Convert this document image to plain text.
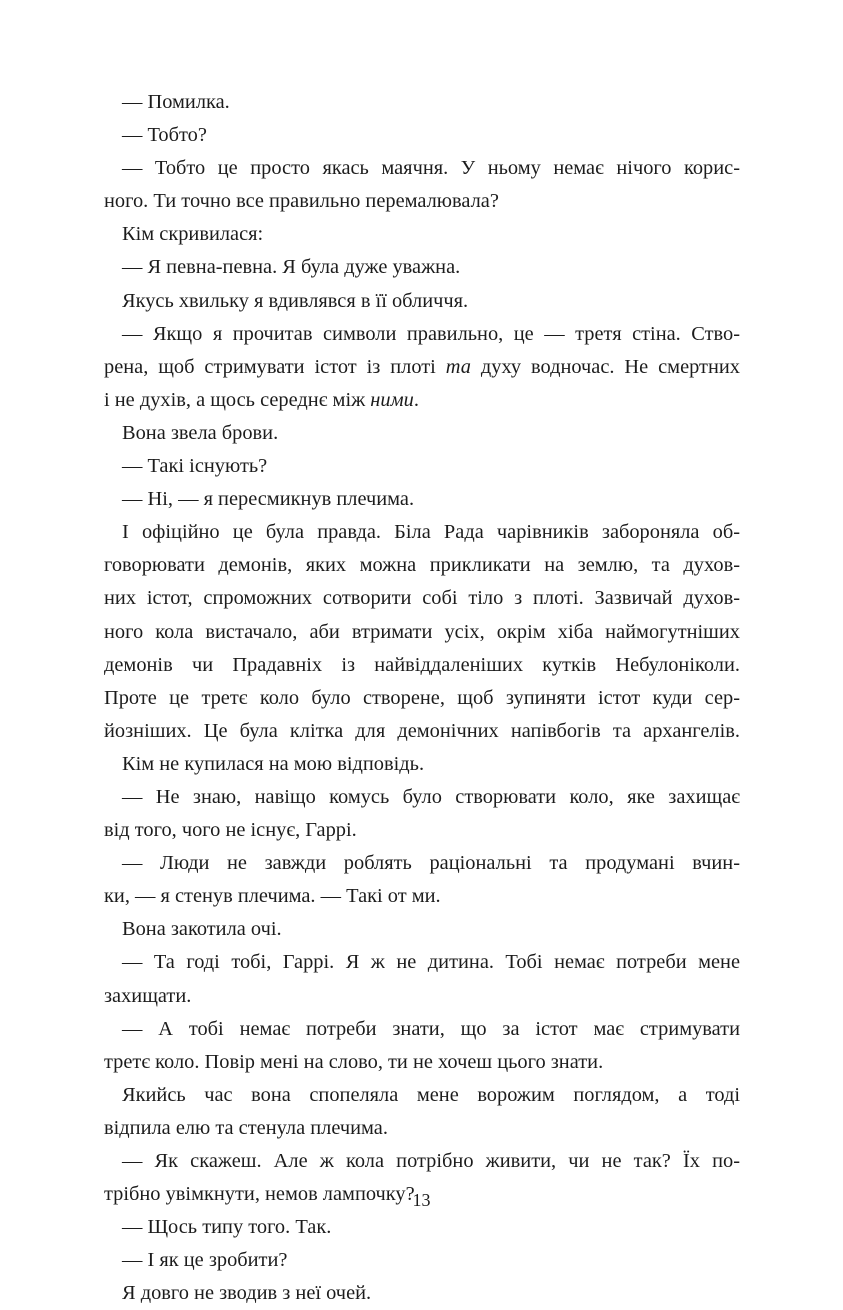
— Помилка.
— Тобто?
— Тобто це просто якась маячня. У ньому немає нічого корис-
ного. Ти точно все правильно перемалювала?
Кім скривилася:
— Я певна-певна. Я була дуже уважна.
Якусь хвильку я вдивлявся в її обличчя.
— Якщо я прочитав символи правильно, це — третя стіна. Ство-
рена, щоб стримувати істот із плоті та духу водночас. Не смертних
і не духів, а щось середнє між ними.
Вона звела брови.
— Такі існують?
— Ні, — я пересмикнув плечима.
І офіційно це була правда. Біла Рада чарівників забороняла об-
говорювати демонів, яких можна прикликати на землю, та духов-
них істот, спроможних сотворити собі тіло з плоті. Зазвичай духов-
ного кола вистачало, аби втримати усіх, окрім хіба наймогутніших
демонів чи Прадавніх із найвіддаленіших кутків Небулоніколи.
Проте це третє коло було створене, щоб зупиняти істот куди сер-
йозніших. Це була клітка для демонічних напівбогів та архангелів.
Кім не купилася на мою відповідь.
— Не знаю, навіщо комусь було створювати коло, яке захищає
від того, чого не існує, Гаррі.
— Люди не завжди роблять раціональні та продумані вчин-
ки, — я стенув плечима. — Такі от ми.
Вона закотила очі.
— Та годі тобі, Гаррі. Я ж не дитина. Тобі немає потреби мене
захищати.
— А тобі немає потреби знати, що за істот має стримувати
третє коло. Повір мені на слово, ти не хочеш цього знати.
Якийсь час вона спопеляла мене ворожим поглядом, а тоді
відпила елю та стенула плечима.
— Як скажеш. Але ж кола потрібно живити, чи не так? Їх по-
трібно увімкнути, немов лампочку?
— Щось типу того. Так.
— І як це зробити?
Я довго не зводив з неї очей.
13
